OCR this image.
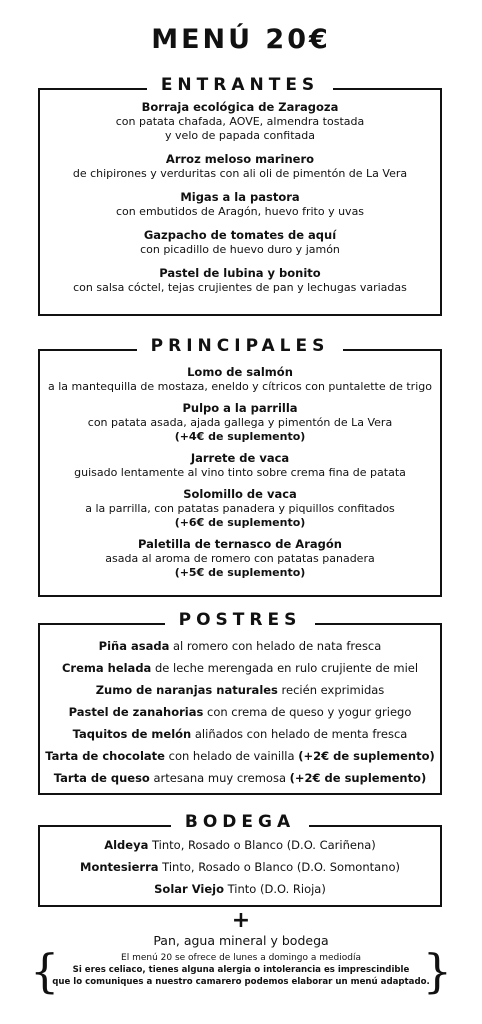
MENÚ 20€
ENTRANTES
Borraja ecológica de Zaragoza
con patata chafada, AOVE, almendra tostada
y velo de papada confitada
Arroz meloso marinero
de chipirones y verduritas con ali oli de pimentón de La Vera
Migas a la pastora
con embutidos de Aragón, huevo frito y uvas
Gazpacho de tomates de aquí
con picadillo de huevo duro y jamón
Pastel de lubina y bonito
con salsa cóctel, tejas crujientes de pan y lechugas variadas
PRINCIPALES
Lomo de salmón
a la mantequilla de mostaza, eneldo y cítricos con puntalette de trigo
Pulpo a la parrilla
con patata asada, ajada gallega y pimentón de La Vera
(+4€ de suplemento)
Jarrete de vaca
guisado lentamente al vino tinto sobre crema fina de patata
Solomillo de vaca
a la parrilla, con patatas panadera y piquillos confitados
(+6€ de suplemento)
Paletilla de ternasco de Aragón
asada al aroma de romero con patatas panadera
(+5€ de suplemento)
POSTRES
Piña asada al romero con helado de nata fresca
Crema helada de leche merengada en rulo crujiente de miel
Zumo de naranjas naturales recién exprimidas
Pastel de zanahorias con crema de queso y yogur griego
Taquitos de melón aliñados con helado de menta fresca
Tarta de chocolate con helado de vainilla (+2€ de suplemento)
Tarta de queso artesana muy cremosa (+2€ de suplemento)
BODEGA
Aldeya Tinto, Rosado o Blanco (D.O. Cariñena)
Montesierra Tinto, Rosado o Blanco (D.O. Somontano)
Solar Viejo Tinto (D.O. Rioja)
+
Pan, agua mineral y bodega
{	}
El menú 20 se ofrece de lunes a domingo a mediodía
Si eres celiaco, tienes alguna alergia o intolerancia es imprescindible
que lo comuniques a nuestro camarero podemos elaborar un menú adaptado.
